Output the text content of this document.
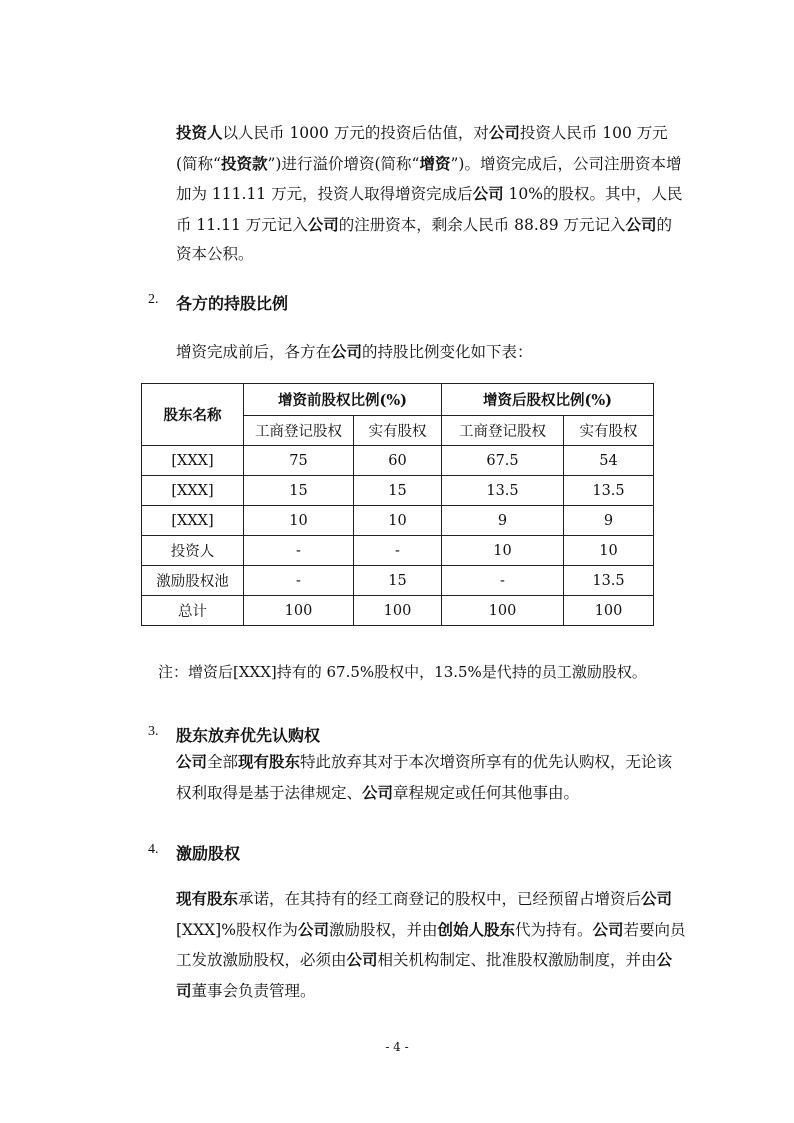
投资人以人民币 1000 万元的投资后估值，对公司投资人民币 100 万元(简称“投资款”)进行溢价增资(简称“增资”)。增资完成后，公司注册资本增加为 111.11 万元，投资人取得增资完成后公司 10%的股权。其中，人民币 11.11 万元记入公司的注册资本，剩余人民币 88.89 万元记入公司的资本公积。
2. 各方的持股比例
增资完成前后，各方在公司的持股比例变化如下表：
股东名称	增资前股权比例(%)		增资后股权比例(%)	
	工商登记股权	实有股权	工商登记股权	实有股权
[XXX]	75	60	67.5	54
[XXX]	15	15	13.5	13.5
[XXX]	10	10	9	9
投资人	-	-	10	10
激励股权池	-	15	-	13.5
总计	100	100	100	100
注：增资后[XXX]持有的 67.5%股权中，13.5%是代持的员工激励股权。
3. 股东放弃优先认购权
公司全部现有股东特此放弃其对于本次增资所享有的优先认购权，无论该权利取得是基于法律规定、公司章程规定或任何其他事由。
4. 激励股权
现有股东承诺，在其持有的经工商登记的股权中，已经预留占增资后公司[XXX]%股权作为公司激励股权，并由创始人股东代为持有。公司若要向员工发放激励股权，必须由公司相关机构制定、批准股权激励制度，并由公司董事会负责管理。
- 4 -
